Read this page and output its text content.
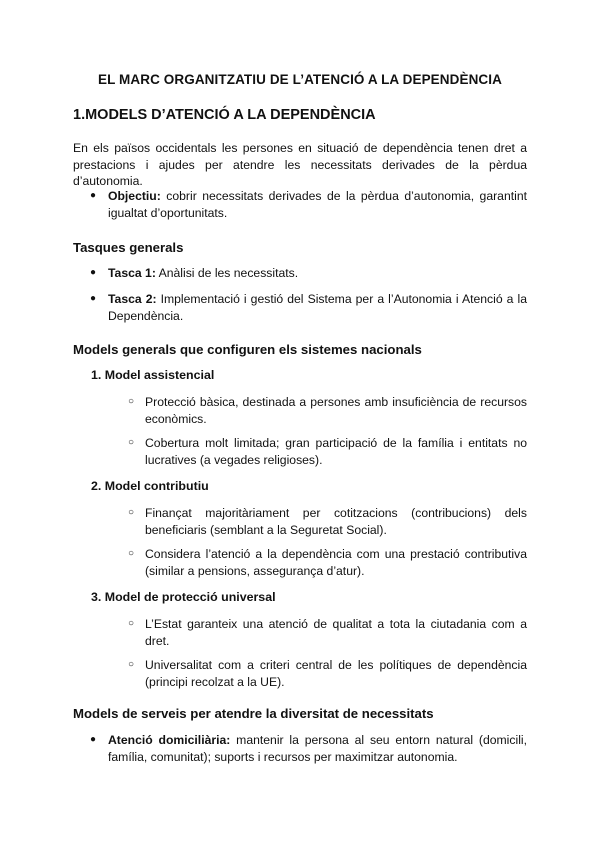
EL MARC ORGANITZATIU DE L’ATENCIÓ A LA DEPENDÈNCIA
1.MODELS D’ATENCIÓ A LA DEPENDÈNCIA
En els països occidentals les persones en situació de dependència tenen dret a prestacions i ajudes per atendre les necessitats derivades de la pèrdua d’autonomia.
● Objectiu: cobrir necessitats derivades de la pèrdua d’autonomia, garantint igualtat d’oportunitats.
Tasques generals
● Tasca 1: Anàlisi de les necessitats.
● Tasca 2: Implementació i gestió del Sistema per a l’Autonomia i Atenció a la Dependència.
Models generals que configuren els sistemes nacionals
1. Model assistencial
○ Protecció bàsica, destinada a persones amb insuficiència de recursos econòmics.
○ Cobertura molt limitada; gran participació de la família i entitats no lucratives (a vegades religioses).
2. Model contributiu
○ Finançat majoritàriament per cotitzacions (contribucions) dels beneficiaris (semblant a la Seguretat Social).
○ Considera l’atenció a la dependència com una prestació contributiva (similar a pensions, assegurança d’atur).
3. Model de protecció universal
○ L’Estat garanteix una atenció de qualitat a tota la ciutadania com a dret.
○ Universalitat com a criteri central de les polítiques de dependència (principi recolzat a la UE).
Models de serveis per atendre la diversitat de necessitats
● Atenció domiciliària: mantenir la persona al seu entorn natural (domicili, família, comunitat); suports i recursos per maximitzar autonomia.
